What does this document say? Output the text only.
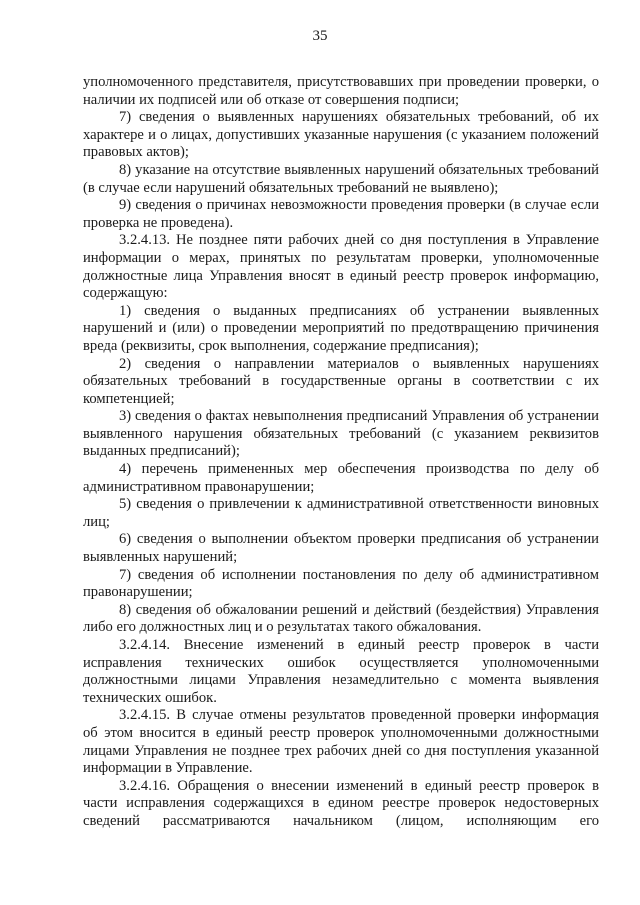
35

уполномоченного представителя, присутствовавших при проведении проверки, о наличии их подписей или об отказе от совершения подписи;

7) сведения о выявленных нарушениях обязательных требований, об их характере и о лицах, допустивших указанные нарушения (с указанием положений правовых актов);

8) указание на отсутствие выявленных нарушений обязательных требований (в случае если нарушений обязательных требований не выявлено);

9) сведения о причинах невозможности проведения проверки (в случае если проверка не проведена).

3.2.4.13. Не позднее пяти рабочих дней со дня поступления в Управление информации о мерах, принятых по результатам проверки, уполномоченные должностные лица Управления вносят в единый реестр проверок информацию, содержащую:

1) сведения о выданных предписаниях об устранении выявленных нарушений и (или) о проведении мероприятий по предотвращению причинения вреда (реквизиты, срок выполнения, содержание предписания);

2) сведения о направлении материалов о выявленных нарушениях обязательных требований в государственные органы в соответствии с их компетенцией;

3) сведения о фактах невыполнения предписаний Управления об устранении выявленного нарушения обязательных требований (с указанием реквизитов выданных предписаний);

4) перечень примененных мер обеспечения производства по делу об административном правонарушении;

5) сведения о привлечении к административной ответственности виновных лиц;

6) сведения о выполнении объектом проверки предписания об устранении выявленных нарушений;

7) сведения об исполнении постановления по делу об административном правонарушении;

8) сведения об обжаловании решений и действий (бездействия) Управления либо его должностных лиц и о результатах такого обжалования.

3.2.4.14. Внесение изменений в единый реестр проверок в части исправления технических ошибок осуществляется уполномоченными должностными лицами Управления незамедлительно с момента выявления технических ошибок.

3.2.4.15. В случае отмены результатов проведенной проверки информация об этом вносится в единый реестр проверок уполномоченными должностными лицами Управления не позднее трех рабочих дней со дня поступления указанной информации в Управление.

3.2.4.16. Обращения о внесении изменений в единый реестр проверок в части исправления содержащихся в едином реестре проверок недостоверных сведений рассматриваются начальником (лицом, исполняющим его
